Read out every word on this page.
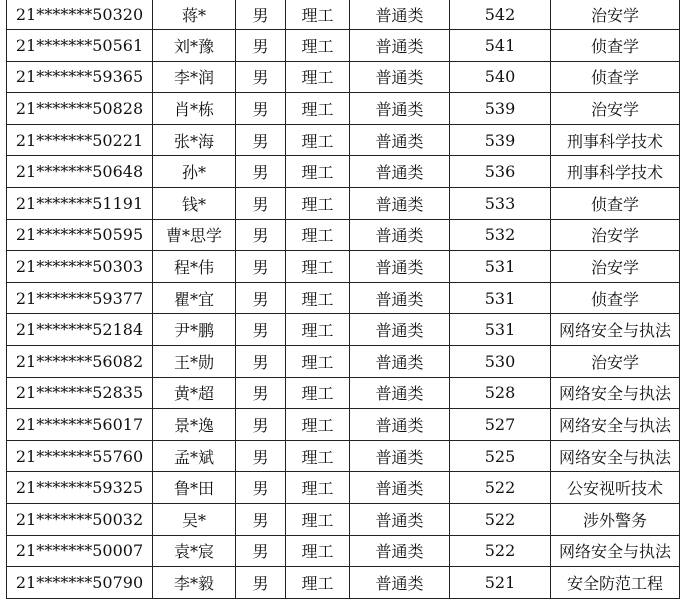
21*******50320	蒋*	男	理工	普通类	542	治安学
21*******50561	刘*豫	男	理工	普通类	541	侦查学
21*******59365	李*润	男	理工	普通类	540	侦查学
21*******50828	肖*栋	男	理工	普通类	539	治安学
21*******50221	张*海	男	理工	普通类	539	刑事科学技术
21*******50648	孙*	男	理工	普通类	536	刑事科学技术
21*******51191	钱*	男	理工	普通类	533	侦查学
21*******50595	曹*思学	男	理工	普通类	532	治安学
21*******50303	程*伟	男	理工	普通类	531	治安学
21*******59377	瞿*宜	男	理工	普通类	531	侦查学
21*******52184	尹*鹏	男	理工	普通类	531	网络安全与执法
21*******56082	王*勋	男	理工	普通类	530	治安学
21*******52835	黄*超	男	理工	普通类	528	网络安全与执法
21*******56017	景*逸	男	理工	普通类	527	网络安全与执法
21*******55760	孟*斌	男	理工	普通类	525	网络安全与执法
21*******59325	鲁*田	男	理工	普通类	522	公安视听技术
21*******50032	吴*	男	理工	普通类	522	涉外警务
21*******50007	袁*宸	男	理工	普通类	522	网络安全与执法
21*******50790	李*毅	男	理工	普通类	521	安全防范工程
